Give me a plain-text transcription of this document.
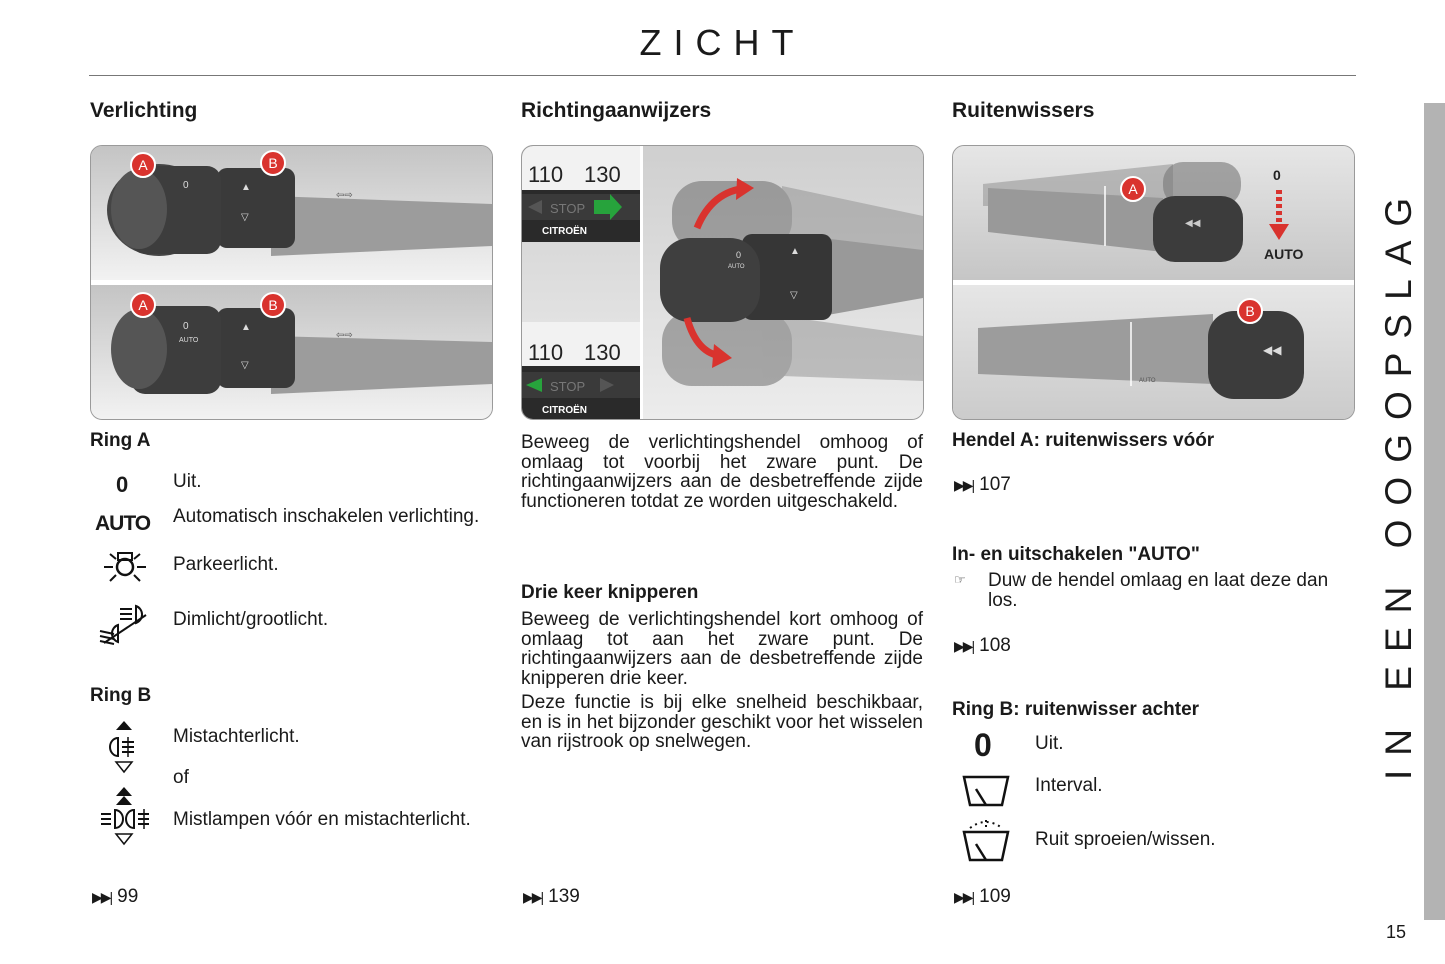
ZICHT
IN EEN OOGOPSLAG
15
Verlichting
0	▲
▽
⇦⇨
0
AUTO
▲
▽
⇦⇨
A
A
B
B
Ring A
0 Uit.
AUTO Automatisch inschakelen verlichting.
Parkeerlicht.
Dimlicht/grootlicht.
Ring B
Mistachterlicht.
of
Mistlampen vóór en mistachterlicht.
▶▶| 99
Richtingaanwijzers
110 130
STOP
CITROËN
110 130
STOP
CITROËN
0
AUTO
▲
▽
Beweeg de verlichtingshendel omhoog of omlaag tot voorbij het zware punt. De richtingaanwijzers aan de desbetreffende zijde functioneren totdat ze worden uitgeschakeld.
Drie keer knipperen
Beweeg de verlichtingshendel kort omhoog of omlaag tot aan het zware punt. De richtingaanwijzers aan de desbetreffende zijde knipperen drie keer.
Deze functie is bij elke snelheid beschikbaar, en is in het bijzonder geschikt voor het wisselen van rijstrook op snelwegen.
▶▶| 139
Ruitenwissers
◀◀
0
AUTO
A
◀◀
AUTO
B
Hendel A: ruitenwissers vóór
▶▶| 107
In- en uitschakelen "AUTO"
☞ Duw de hendel omlaag en laat deze dan los.
▶▶| 108
Ring B: ruitenwisser achter
0 Uit.
Interval.
Ruit sproeien/wissen.
▶▶| 109
